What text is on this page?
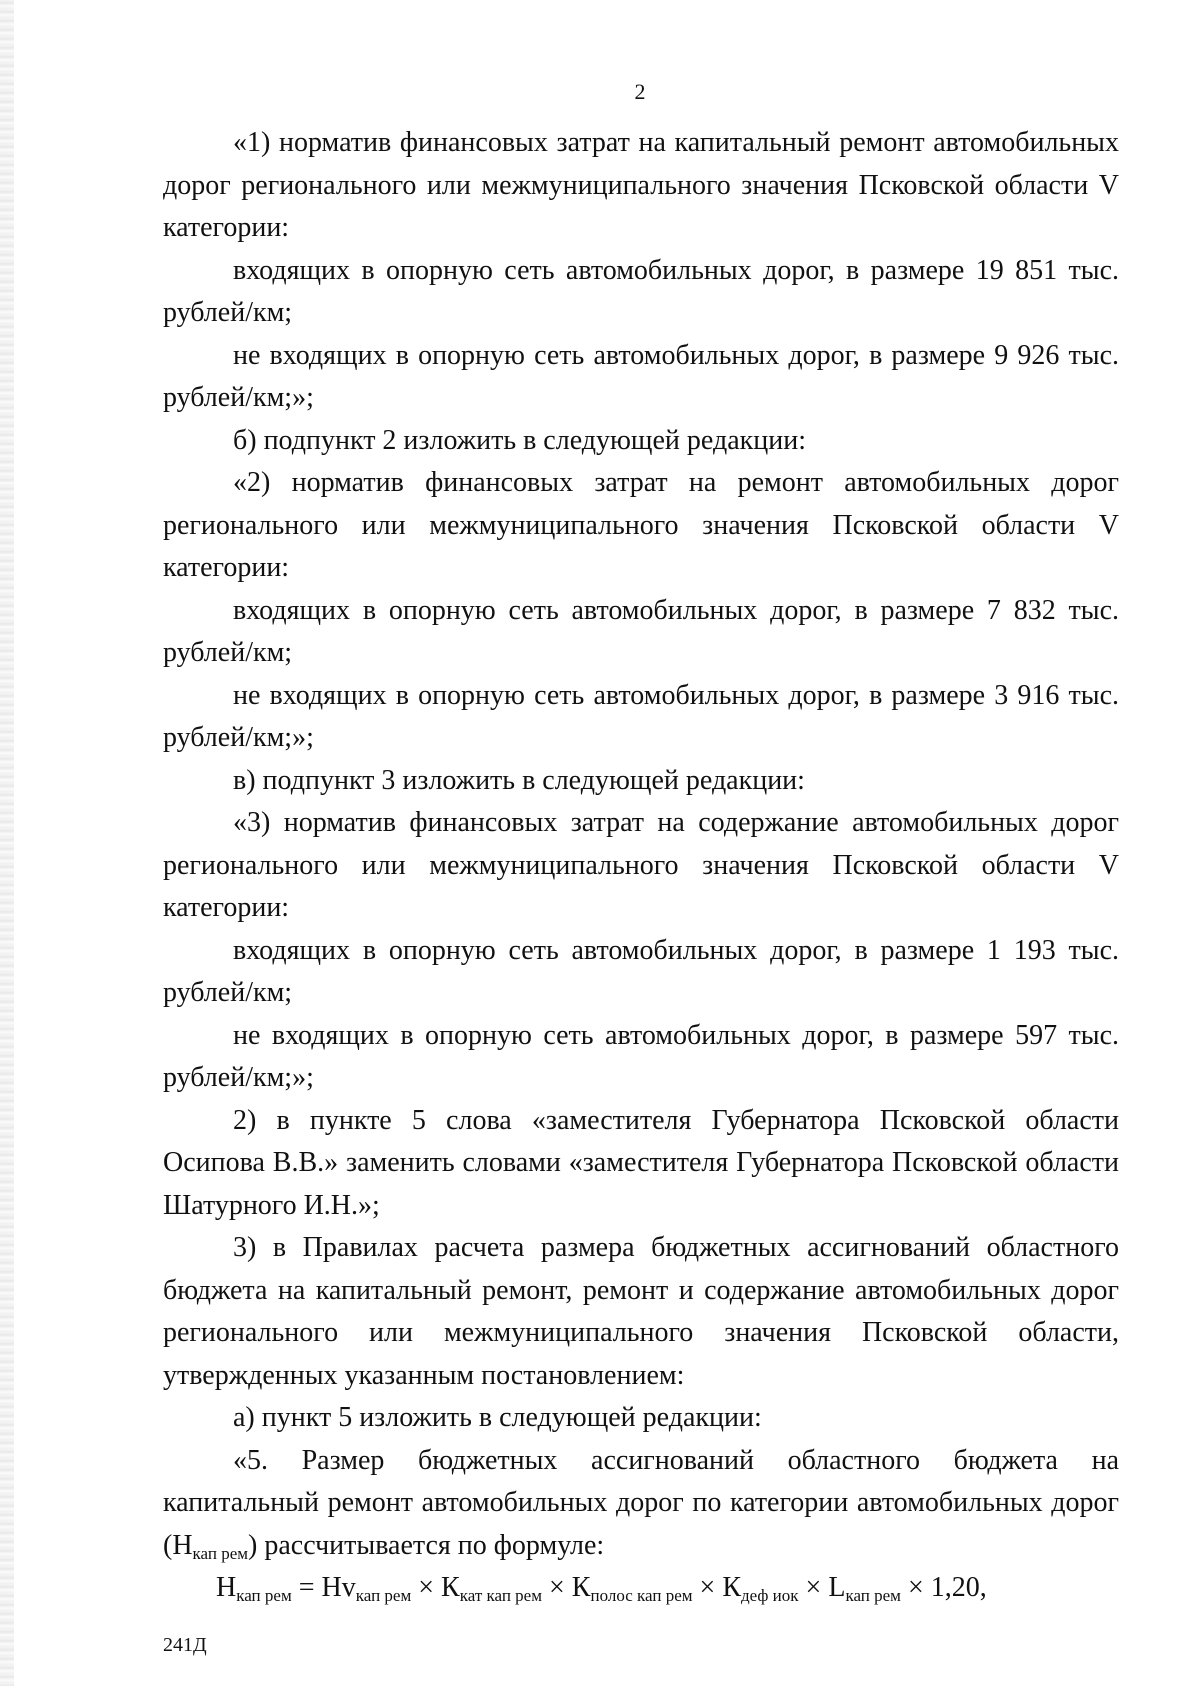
2

«1) норматив финансовых затрат на капитальный ремонт автомобильных дорог регионального или межмуниципального значения Псковской области V категории:

входящих в опорную сеть автомобильных дорог, в размере 19 851 тыс. рублей/км;

не входящих в опорную сеть автомобильных дорог, в размере 9 926 тыс. рублей/км;»;

б) подпункт 2 изложить в следующей редакции:

«2) норматив финансовых затрат на ремонт автомобильных дорог регионального или межмуниципального значения Псковской области V категории:

входящих в опорную сеть автомобильных дорог, в размере 7 832 тыс. рублей/км;

не входящих в опорную сеть автомобильных дорог, в размере 3 916 тыс. рублей/км;»;

в) подпункт 3 изложить в следующей редакции:

«3) норматив финансовых затрат на содержание автомобильных дорог регионального или межмуниципального значения Псковской области V категории:

входящих в опорную сеть автомобильных дорог, в размере 1 193 тыс. рублей/км;

не входящих в опорную сеть автомобильных дорог, в размере 597 тыс. рублей/км;»;

2) в пункте 5 слова «заместителя Губернатора Псковской области Осипова В.В.» заменить словами «заместителя Губернатора Псковской области Шатурного И.Н.»;

3) в Правилах расчета размера бюджетных ассигнований областного бюджета на капитальный ремонт, ремонт и содержание автомобильных дорог регионального или межмуниципального значения Псковской области, утвержденных указанным постановлением:

а) пункт 5 изложить в следующей редакции:

«5. Размер бюджетных ассигнований областного бюджета на капитальный ремонт автомобильных дорог по категории автомобильных дорог $(Н_{кап рем})$ рассчитывается по формуле:

$Н_{кап рем} = Нv_{кап рем} \times К_{кат кап рем} \times К_{полос кап рем} \times К_{деф иок} \times L_{кап рем} \times 1,20$,

241Д
